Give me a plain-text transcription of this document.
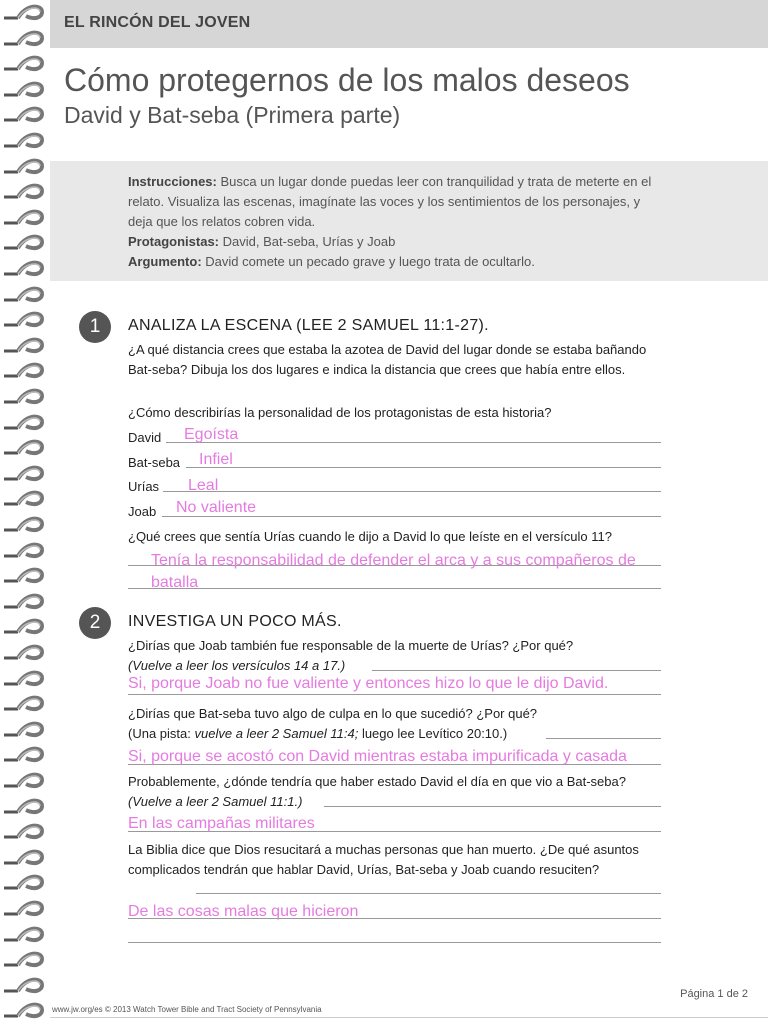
EL RINCÓN DEL JOVEN
Cómo protegernos de los malos deseos
David y Bat-seba (Primera parte)
Instrucciones: Busca un lugar donde puedas leer con tranquilidad y trata de meterte en el relato. Visualiza las escenas, imagínate las voces y los sentimientos de los personajes, y deja que los relatos cobren vida.
Protagonistas: David, Bat-seba, Urías y Joab
Argumento: David comete un pecado grave y luego trata de ocultarlo.
1	ANALIZA LA ESCENA (LEE 2 SAMUEL 11:1-27).
¿A qué distancia crees que estaba la azotea de David del lugar donde se estaba bañando Bat-seba? Dibuja los dos lugares e indica la distancia que crees que había entre ellos.
¿Cómo describirías la personalidad de los protagonistas de esta historia?
David Egoísta
Bat-seba Infiel
Urías Leal
Joab No valiente
¿Qué crees que sentía Urías cuando le dijo a David lo que leíste en el versículo 11?
Tenía la responsabilidad de defender el arca y a sus compañeros de
batalla
2	INVESTIGA UN POCO MÁS.
¿Dirías que Joab también fue responsable de la muerte de Urías? ¿Por qué?
(Vuelve a leer los versículos 14 a 17.)
Si, porque Joab no fue valiente y entonces hizo lo que le dijo David.
¿Dirías que Bat-seba tuvo algo de culpa en lo que sucedió? ¿Por qué?
(Una pista: vuelve a leer 2 Samuel 11:4; luego lee Levítico 20:10.)
Si, porque se acostó con David mientras estaba impurificada y casada
Probablemente, ¿dónde tendría que haber estado David el día en que vio a Bat-seba?
(Vuelve a leer 2 Samuel 11:1.)
En las campañas militares
La Biblia dice que Dios resucitará a muchas personas que han muerto. ¿De qué asuntos complicados tendrán que hablar David, Urías, Bat-seba y Joab cuando resuciten?
De las cosas malas que hicieron
Página 1 de 2
www.jw.org/es © 2013 Watch Tower Bible and Tract Society of Pennsylvania
